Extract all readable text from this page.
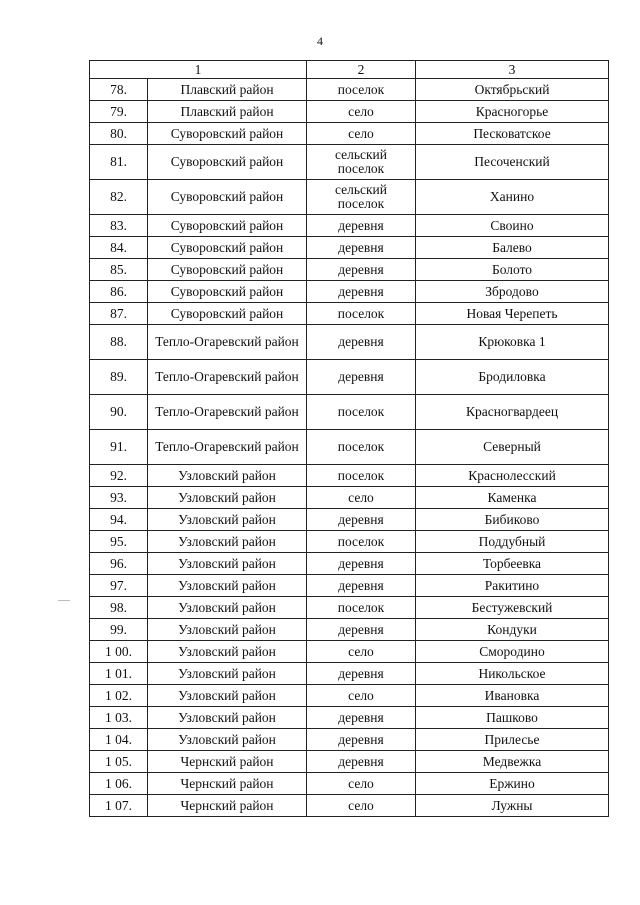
4
1		2	3
78.	Плавский район	поселок	Октябрьский
79.	Плавский район	село	Красногорье
80.	Суворовский район	село	Песковатское
81.	Суворовский район	сельский поселок	Песоченский
82.	Суворовский район	сельский поселок	Ханино
83.	Суворовский район	деревня	Своино
84.	Суворовский район	деревня	Балево
85.	Суворовский район	деревня	Болото
86.	Суворовский район	деревня	Збродово
87.	Суворовский район	поселок	Новая Черепеть
88.	Тепло-Огаревский район	деревня	Крюковка 1
89.	Тепло-Огаревский район	деревня	Бродиловка
90.	Тепло-Огаревский район	поселок	Красногвардеец
91.	Тепло-Огаревский район	поселок	Северный
92.	Узловский район	поселок	Краснолесский
93.	Узловский район	село	Каменка
94.	Узловский район	деревня	Бибиково
95.	Узловский район	поселок	Поддубный
96.	Узловский район	деревня	Торбеевка
97.	Узловский район	деревня	Ракитино
98.	Узловский район	поселок	Бестужевский
99.	Узловский район	деревня	Кондуки
1 00.	Узловский район	село	Смородино
1 01.	Узловский район	деревня	Никольское
1 02.	Узловский район	село	Ивановка
1 03.	Узловский район	деревня	Пашково
1 04.	Узловский район	деревня	Прилесье
1 05.	Чернский район	деревня	Медвежка
1 06.	Чернский район	село	Ержино
1 07.	Чернский район	село	Лужны
